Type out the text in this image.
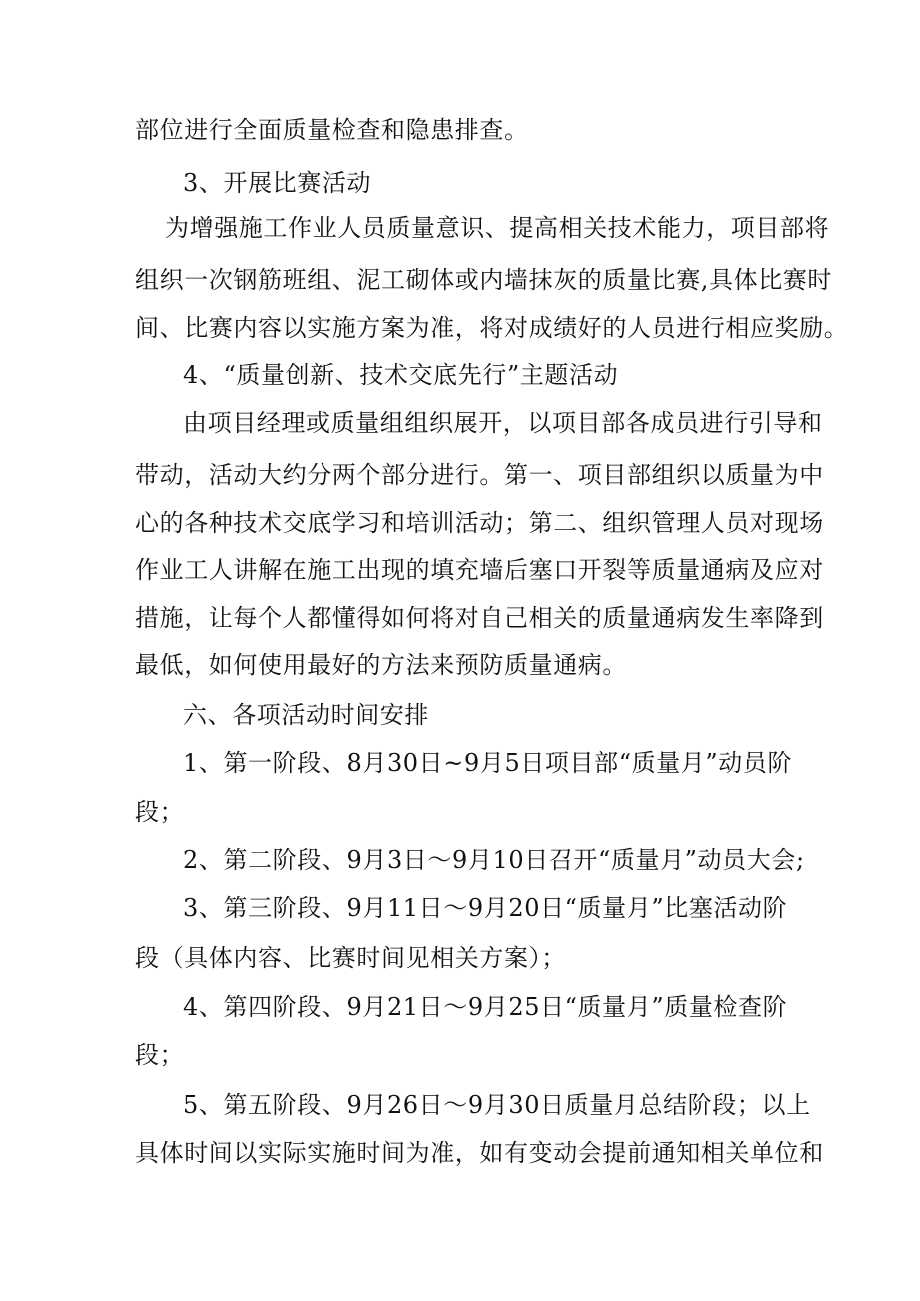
部位进行全面质量检查和隐患排查。
3、开展比赛活动
为增强施工作业人员质量意识、提高相关技术能力，项目部将
组织一次钢筋班组、泥工砌体或内墙抹灰的质量比赛,具体比赛时
间、比赛内容以实施方案为准，将对成绩好的人员进行相应奖励。
4、“质量创新、技术交底先行”主题活动
由项目经理或质量组组织展开，以项目部各成员进行引导和
带动，活动大约分两个部分进行。第一、项目部组织以质量为中
心的各种技术交底学习和培训活动；第二、组织管理人员对现场
作业工人讲解在施工出现的填充墙后塞口开裂等质量通病及应对
措施，让每个人都懂得如何将对自己相关的质量通病发生率降到
最低，如何使用最好的方法来预防质量通病。
六、各项活动时间安排
1、第一阶段、8月30日~9月5日项目部“质量月”动员阶
段；
2、第二阶段、9月3日～9月10日召开“质量月”动员大会;
3、第三阶段、9月11日～9月20日“质量月”比塞活动阶
段（具体内容、比赛时间见相关方案）；
4、第四阶段、9月21日～9月25日“质量月”质量检查阶
段；
5、第五阶段、9月26日～9月30日质量月总结阶段；以上
具体时间以实际实施时间为准，如有变动会提前通知相关单位和
